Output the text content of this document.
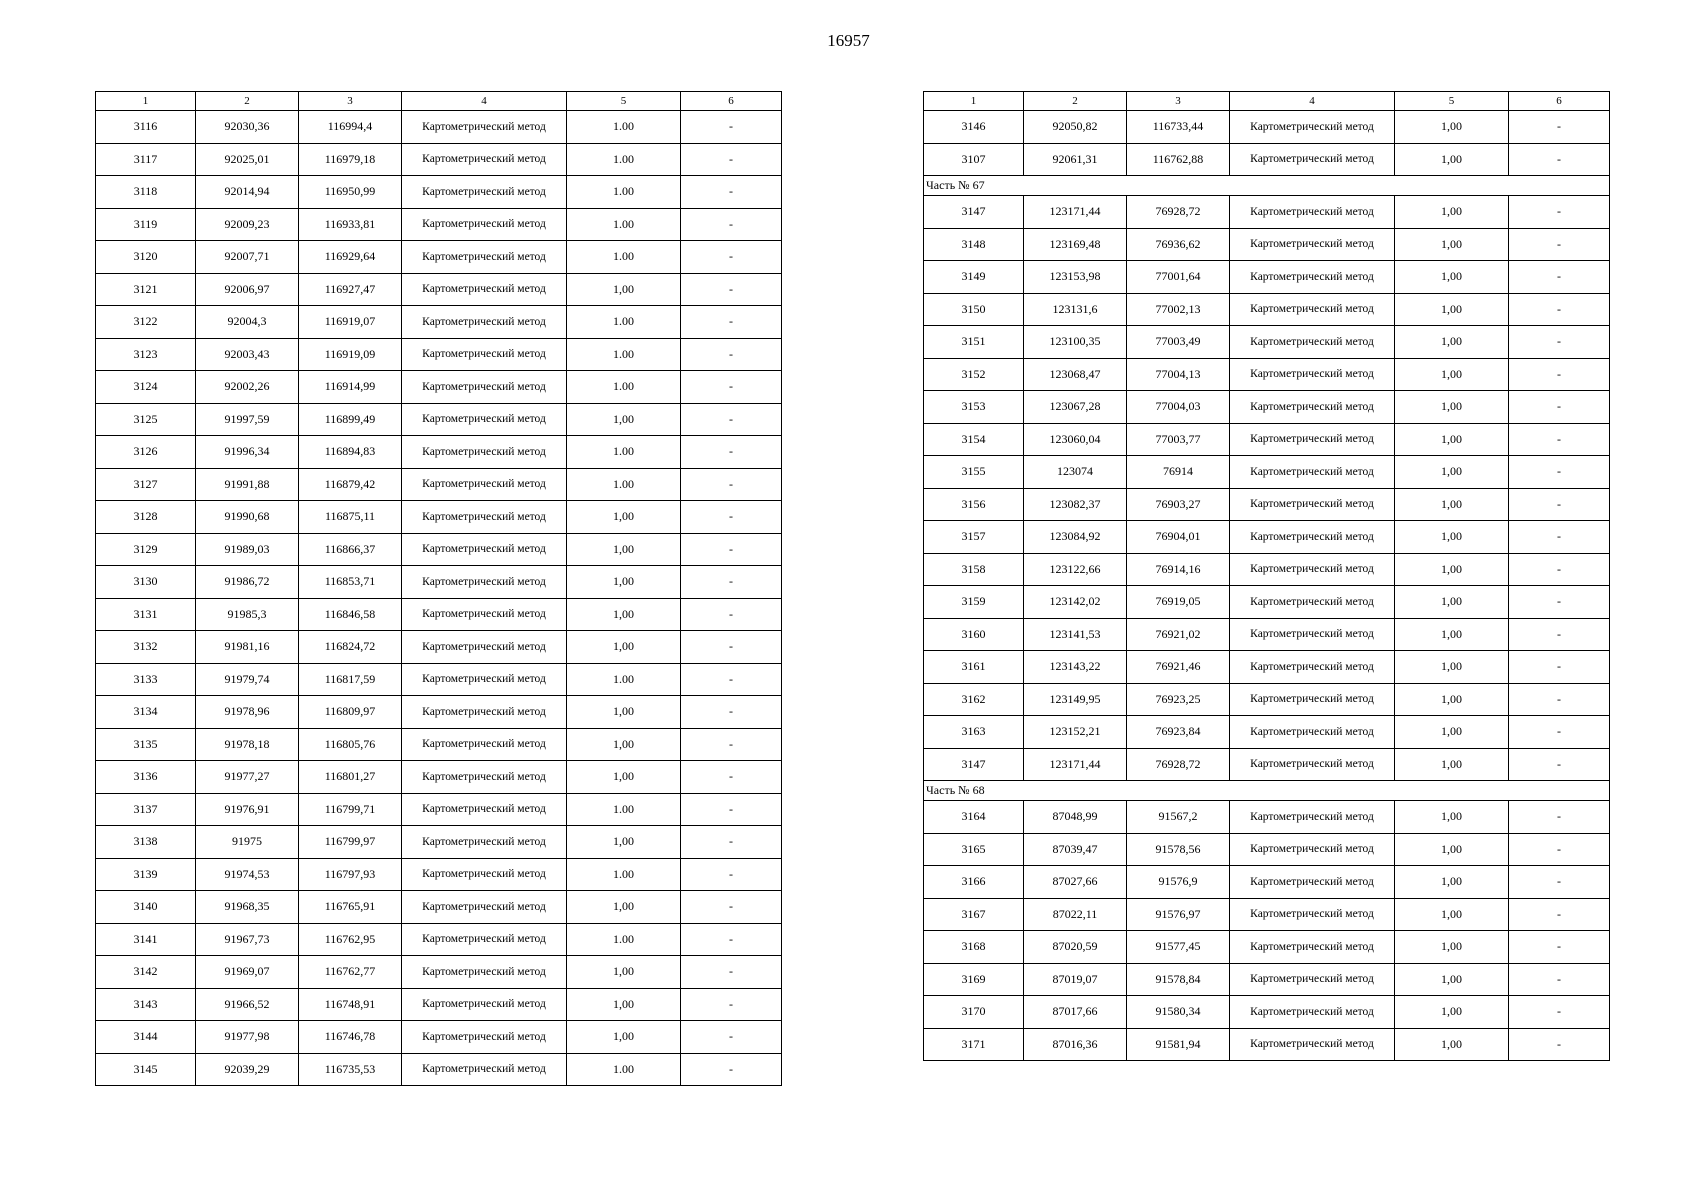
16957
1	2	3	4	5	6
3116	92030,36	116994,4	Картометрический метод	1.00	-
3117	92025,01	116979,18	Картометрический метод	1.00	-
3118	92014,94	116950,99	Картометрический метод	1.00	-
3119	92009,23	116933,81	Картометрический метод	1.00	-
3120	92007,71	116929,64	Картометрический метод	1.00	-
3121	92006,97	116927,47	Картометрический метод	1,00	-
3122	92004,3	116919,07	Картометрический метод	1.00	-
3123	92003,43	116919,09	Картометрический метод	1.00	-
3124	92002,26	116914,99	Картометрический метод	1.00	-
3125	91997,59	116899,49	Картометрический метод	1,00	-
3126	91996,34	116894,83	Картометрический метод	1.00	-
3127	91991,88	116879,42	Картометрический метод	1.00	-
3128	91990,68	116875,11	Картометрический метод	1,00	-
3129	91989,03	116866,37	Картометрический метод	1,00	-
3130	91986,72	116853,71	Картометрический метод	1,00	-
3131	91985,3	116846,58	Картометрический метод	1,00	-
3132	91981,16	116824,72	Картометрический метод	1,00	-
3133	91979,74	116817,59	Картометрический метод	1.00	-
3134	91978,96	116809,97	Картометрический метод	1,00	-
3135	91978,18	116805,76	Картометрический метод	1,00	-
3136	91977,27	116801,27	Картометрический метод	1,00	-
3137	91976,91	116799,71	Картометрический метод	1.00	-
3138	91975	116799,97	Картометрический метод	1,00	-
3139	91974,53	116797,93	Картометрический метод	1.00	-
3140	91968,35	116765,91	Картометрический метод	1,00	-
3141	91967,73	116762,95	Картометрический метод	1.00	-
3142	91969,07	116762,77	Картометрический метод	1,00	-
3143	91966,52	116748,91	Картометрический метод	1,00	-
3144	91977,98	116746,78	Картометрический метод	1,00	-
3145	92039,29	116735,53	Картометрический метод	1.00	-
1	2	3	4	5	6
3146	92050,82	116733,44	Картометрический метод	1,00	-
3107	92061,31	116762,88	Картометрический метод	1,00	-
Часть № 67					
3147	123171,44	76928,72	Картометрический метод	1,00	-
3148	123169,48	76936,62	Картометрический метод	1,00	-
3149	123153,98	77001,64	Картометрический метод	1,00	-
3150	123131,6	77002,13	Картометрический метод	1,00	-
3151	123100,35	77003,49	Картометрический метод	1,00	-
3152	123068,47	77004,13	Картометрический метод	1,00	-
3153	123067,28	77004,03	Картометрический метод	1,00	-
3154	123060,04	77003,77	Картометрический метод	1,00	-
3155	123074	76914	Картометрический метод	1,00	-
3156	123082,37	76903,27	Картометрический метод	1,00	-
3157	123084,92	76904,01	Картометрический метод	1,00	-
3158	123122,66	76914,16	Картометрический метод	1,00	-
3159	123142,02	76919,05	Картометрический метод	1,00	-
3160	123141,53	76921,02	Картометрический метод	1,00	-
3161	123143,22	76921,46	Картометрический метод	1,00	-
3162	123149,95	76923,25	Картометрический метод	1,00	-
3163	123152,21	76923,84	Картометрический метод	1,00	-
3147	123171,44	76928,72	Картометрический метод	1,00	-
Часть № 68					
3164	87048,99	91567,2	Картометрический метод	1,00	-
3165	87039,47	91578,56	Картометрический метод	1,00	-
3166	87027,66	91576,9	Картометрический метод	1,00	-
3167	87022,11	91576,97	Картометрический метод	1,00	-
3168	87020,59	91577,45	Картометрический метод	1,00	-
3169	87019,07	91578,84	Картометрический метод	1,00	-
3170	87017,66	91580,34	Картометрический метод	1,00	-
3171	87016,36	91581,94	Картометрический метод	1,00	-
